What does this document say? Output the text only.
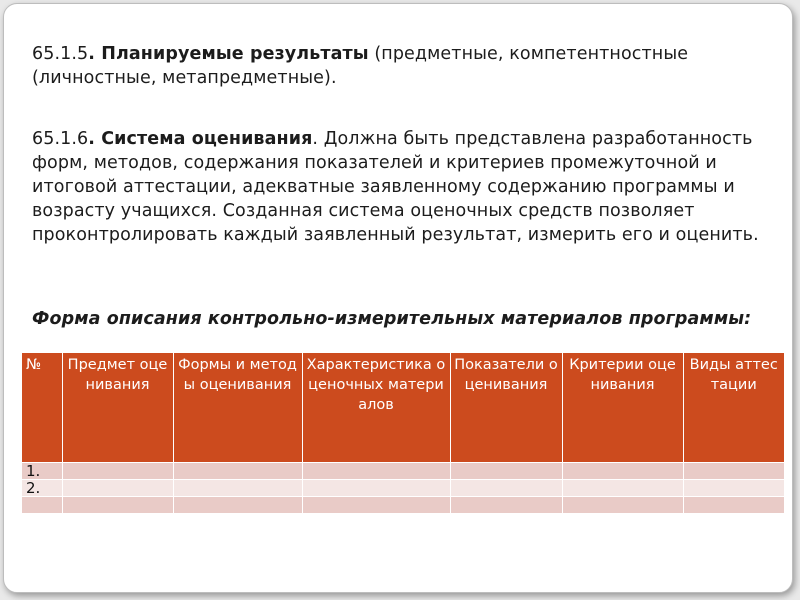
65.1.5. Планируемые результаты (предметные, компетентностные (личностные, метапредметные).
65.1.6. Система оценивания. Должна быть представлена разработанность форм, методов, содержания показателей и критериев промежуточной и итоговой аттестации, адекватные заявленному содержанию программы и возрасту учащихся. Созданная система оценочных средств позволяет проконтролировать каждый заявленный результат, измерить его и оценить.
Форма описания контрольно-измерительных материалов программы:
№	Предмет оценивания	Формы и методы оценивания	Характеристика оценочных материалов	Показатели оценивания	Критерии оценивания	Виды аттестации
1.						
2.						
